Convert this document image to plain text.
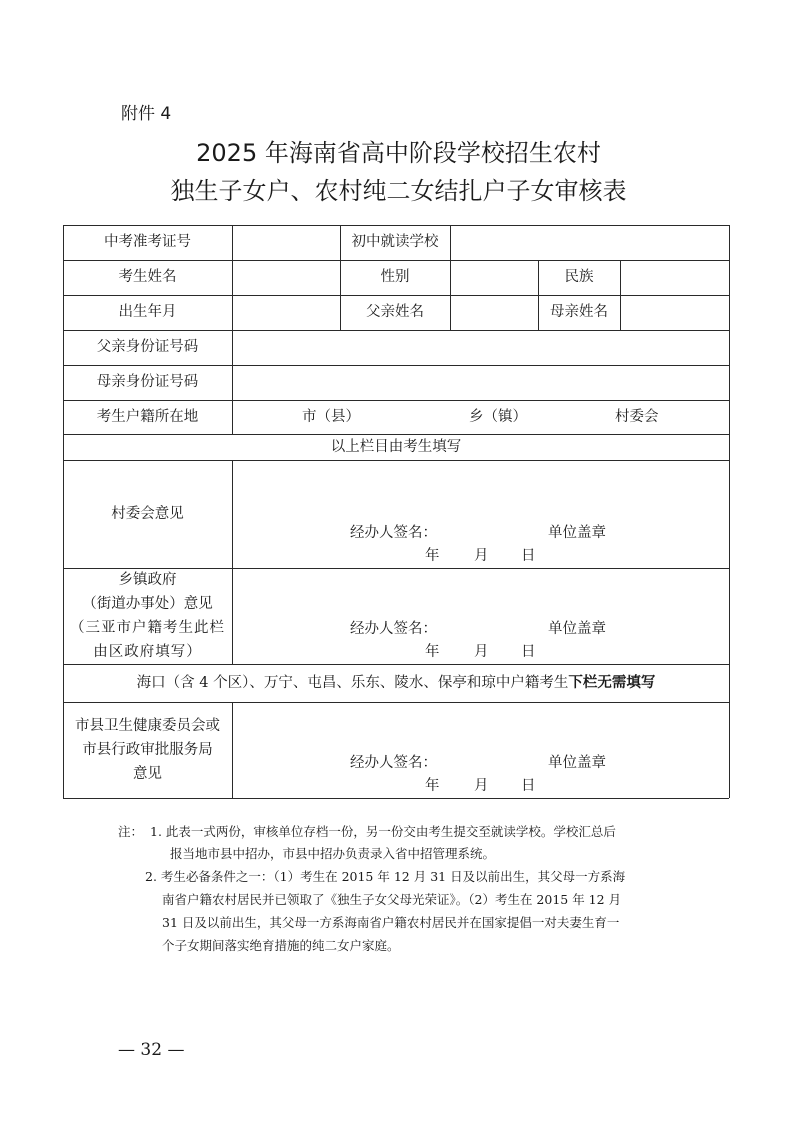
附件 4
2025 年海南省高中阶段学校招生农村
独生子女户、农村纯二女结扎户子女审核表
中考准考证号	初中就读学校
考生姓名	性别	民族
出生年月	父亲姓名	母亲姓名
父亲身份证号码
母亲身份证号码
考生户籍所在地	市（县）	乡（镇）	村委会
以上栏目由考生填写
村委会意见
经办人签名：	单位盖章
年 月 日
乡镇政府
（街道办事处）意见
（三亚市户籍考生此栏
由区政府填写）
经办人签名：	单位盖章
年 月 日
海口（含 4 个区）、万宁、屯昌、乐东、陵水、保亭和琼中户籍考生 下栏无需填写
市县卫生健康委员会或
市县行政审批服务局
意见
经办人签名：	单位盖章
年 月 日
注： 1. 此表一式两份，审核单位存档一份，另一份交由考生提交至就读学校。学校汇总后
报当地市县中招办，市县中招办负责录入省中招管理系统。
2. 考生必备条件之一：（1）考生在 2015 年 12 月 31 日及以前出生，其父母一方系海
南省户籍农村居民并已领取了《独生子女父母光荣证》。（2）考生在 2015 年 12 月
31 日及以前出生，其父母一方系海南省户籍农村居民并在国家提倡一对夫妻生育一
个子女期间落实绝育措施的纯二女户家庭。
— 32 —
